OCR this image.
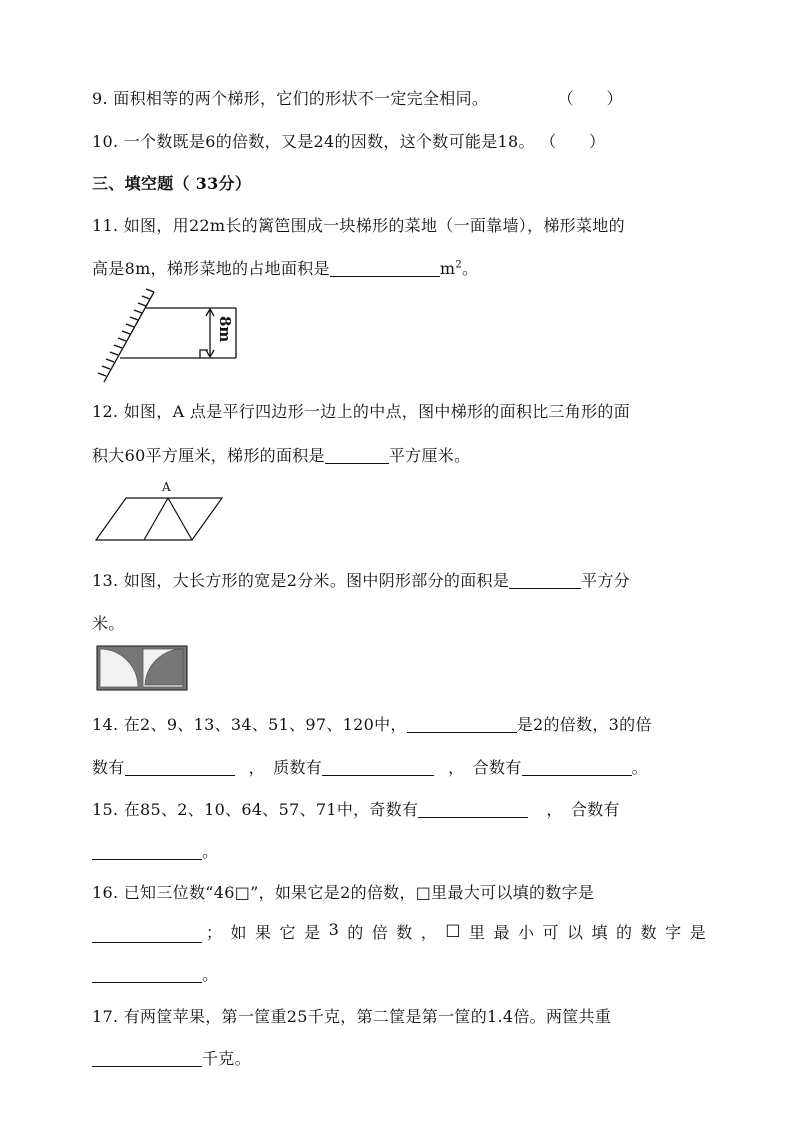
9. 面积相等的两个梯形，它们的形状不一定完全相同。	（　　）
10. 一个数既是6的倍数，又是24的因数，这个数可能是18。 （　　）
三、填空题（ 33分）
11. 如图，用22m长的篱笆围成一块梯形的菜地（一面靠墙），梯形菜地的
高是8m，梯形菜地的占地面积是	$m^2$。
8m
12. 如图，A 点是平行四边形一边上的中点，图中梯形的面积比三角形的面
积大60平方厘米，梯形的面积是	平方厘米。
A
13. 如图，大长方形的宽是2分米。图中阴形部分的面积是	平方分
米。
14. 在2、9、13、34、51、97、120中，	是2的倍数，3的倍
数有	，　质数有	，　合数有	。
15. 在85、2、10、64、57、71中，奇数有	，　合数有
。
16. 已知三位数“46□”，如果它是2的倍数，□里最大可以填的数字是
； 如 果 它 是 3 的 倍 数 ， □ 里 最 小 可 以 填 的 数 字 是
。
17. 有两筐苹果，第一筐重25千克，第二筐是第一筐的1.4倍。两筐共重
千克。
